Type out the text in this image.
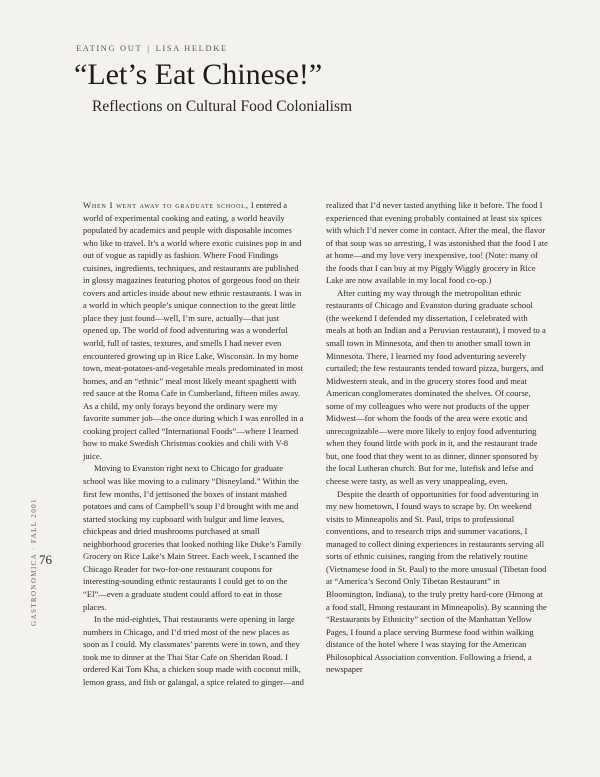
EATING OUT | LISA HELDKE
“Let’s Eat Chinese!”
Reflections on Cultural Food Colonialism
GASTRONOMICA · FALL 2001 76

When I went away to graduate school, I entered a world of experimental cooking and eating, a world heavily populated by academics and people with disposable incomes who like to travel. It’s a world where exotic cuisines pop in and out of vogue as rapidly as fashion. Where Food Findings cuisines, ingredients, techniques, and restaurants are published in glossy magazines featuring photos of gorgeous food on their covers and articles inside about new ethnic restaurants. I was in a world in which people’s unique connection to the great little place they just found—well, I’m sure, actually—that just opened up. The world of food adventuring was a wonderful world, full of tastes, textures, and smells I had never even encountered growing up in Rice Lake, Wisconsin. In my home town, meat-potatoes-and-vegetable meals predominated in most homes, and an “ethnic” meal most likely meant spaghetti with red sauce at the Roma Cafe in Cumberland, fifteen miles away. As a child, my only forays beyond the ordinary were my favorite summer job—the once during which I was enrolled in a cooking project called “International Foods”—where I learned how to make Swedish Christmas cookies and chili with V-8 juice.

Moving to Evanston right next to Chicago for graduate school was like moving to a culinary “Disneyland.” Within the first few months, I’d jettisoned the boxes of instant mashed potatoes and cans of Campbell’s soup I’d brought with me and started stocking my cupboard with bulgur and lime leaves, chickpeas and dried mushrooms purchased at small neighborhood groceries that looked nothing like Duke’s Family Grocery on Rice Lake’s Main Street. Each week, I scanned the Chicago Reader for two-for-one restaurant coupons for interesting-sounding ethnic restaurants I could get to on the “El”—even a graduate student could afford to eat in those places.

In the mid-eighties, Thai restaurants were opening in large numbers in Chicago, and I’d tried most of the new places as soon as I could. My classmates’ parents were in town, and they took me to dinner at the Thai Star Cafe on Sheridan Road. I ordered Kai Tom Kha, a chicken soup made with coconut milk, lemon grass, and fish or galangal, a spice related to ginger—and

realized that I’d never tasted anything like it before. The food I experienced that evening probably contained at least six spices with which I’d never come in contact. After the meal, the flavor of that soup was so arresting, I was astonished that the food I ate at home—and my love very inexpensive, too! (Note: many of the foods that I can buy at my Piggly Wiggly grocery in Rice Lake are now available in my local food co-op.)

After cutting my way through the metropolitan ethnic restaurants of Chicago and Evanston during graduate school (the weekend I defended my dissertation, I celebrated with meals at both an Indian and a Peruvian restaurant), I moved to a small town in Minnesota, and then to another small town in Minnesota. There, I learned my food adventuring severely curtailed; the few restaurants tended toward pizza, burgers, and Midwestern steak, and in the grocery stores food and meat American conglomerates dominated the shelves. Of course, some of my colleagues who were not products of the upper Midwest—for whom the foods of the area were exotic and unrecognizable—were more likely to enjoy food adventuring when they found little with pork in it, and the restaurant trade but, one food that they went to as dinner, dinner sponsored by the local Lutheran church. But for me, lutefisk and lefse and cheese were tasty, as well as very unappealing, even.

Despite the dearth of opportunities for food adventuring in my new hometown, I found ways to scrape by. On weekend visits to Minneapolis and St. Paul, trips to professional conventions, and to research trips and summer vacations, I managed to collect dining experiences in restaurants serving all sorts of ethnic cuisines, ranging from the relatively routine (Vietnamese food in St. Paul) to the more unusual (Tibetan food at “America’s Second Only Tibetan Restaurant” in Bloomington, Indiana), to the truly pretty hard-core (Hmong at a food stall, Hmong restaurant in Minneapolis). By scanning the “Restaurants by Ethnicity” section of the Manhattan Yellow Pages, I found a place serving Burmese food within walking distance of the hotel where I was staying for the American Philosophical Association convention. Following a friend, a newspaper
